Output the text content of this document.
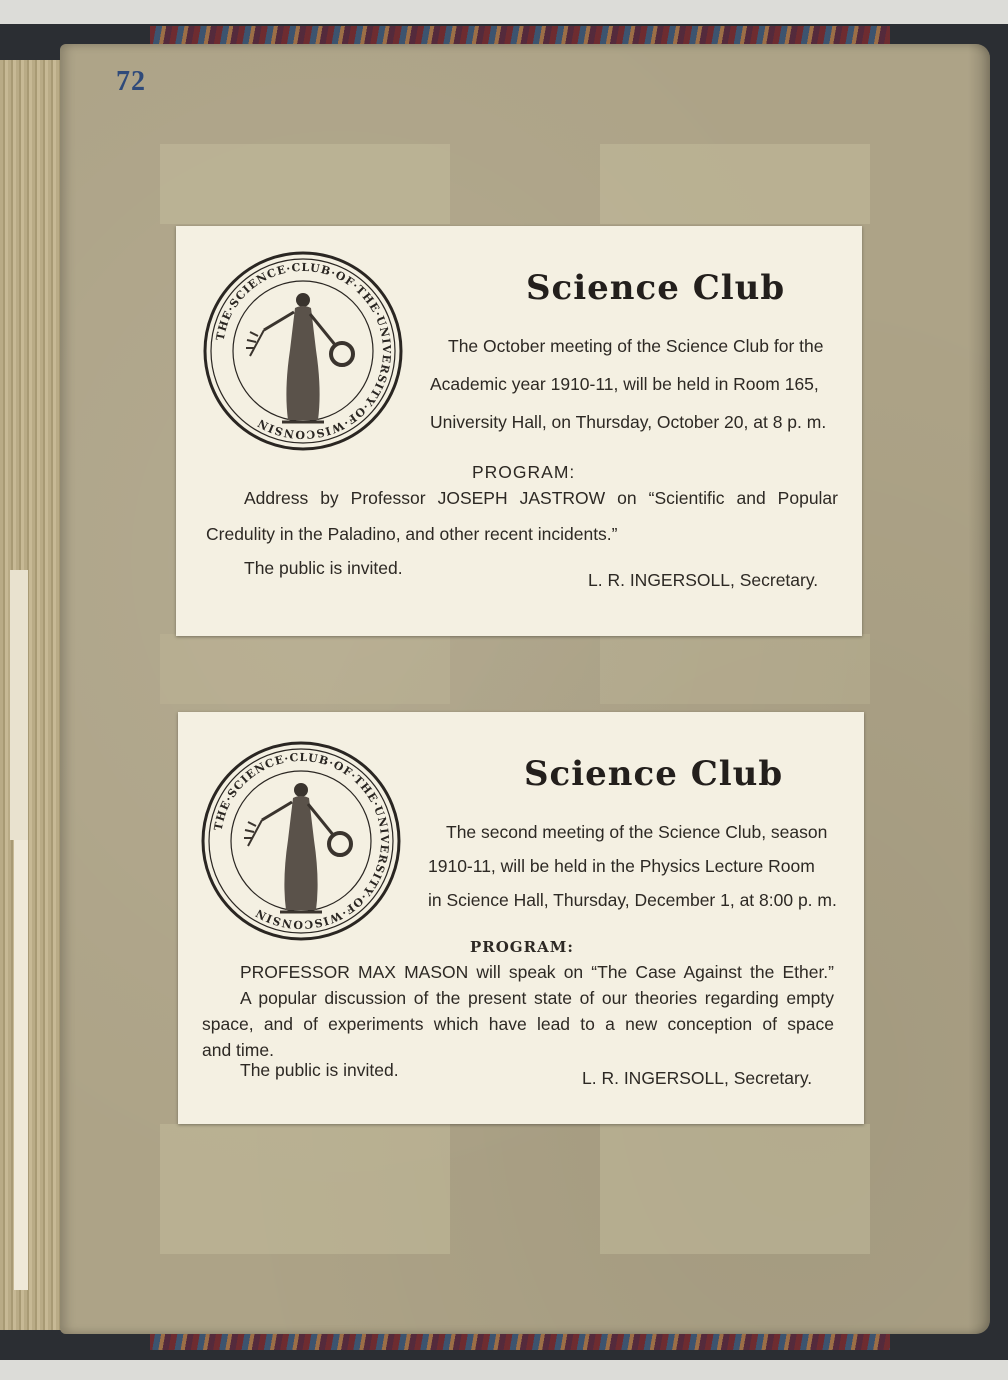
72
THE·SCIENCE·CLUB·OF·THE·UNIVERSITY·OF·WISCONSIN
Science Club
The October meeting of the Science Club for the
Academic year 1910-11, will be held in Room 165,
University Hall, on Thursday, October 20, at 8 p. m.
PROGRAM:
Address by Professor JOSEPH JASTROW on “Scientific and Popular
Credulity in the Paladino, and other recent incidents.”
The public is invited.
L. R. INGERSOLL, Secretary.
THE·SCIENCE·CLUB·OF·THE·UNIVERSITY·OF·WISCONSIN
Science Club
The second meeting of the Science Club, season
1910-11, will be held in the Physics Lecture Room
in Science Hall, Thursday, December 1, at 8:00 p. m.
PROGRAM:
PROFESSOR MAX MASON will speak on “The Case Against the Ether.”
A popular discussion of the present state of our theories regarding empty
space, and of experiments which have lead to a new conception of space
and time.
The public is invited.	L. R. INGERSOLL, Secretary.
